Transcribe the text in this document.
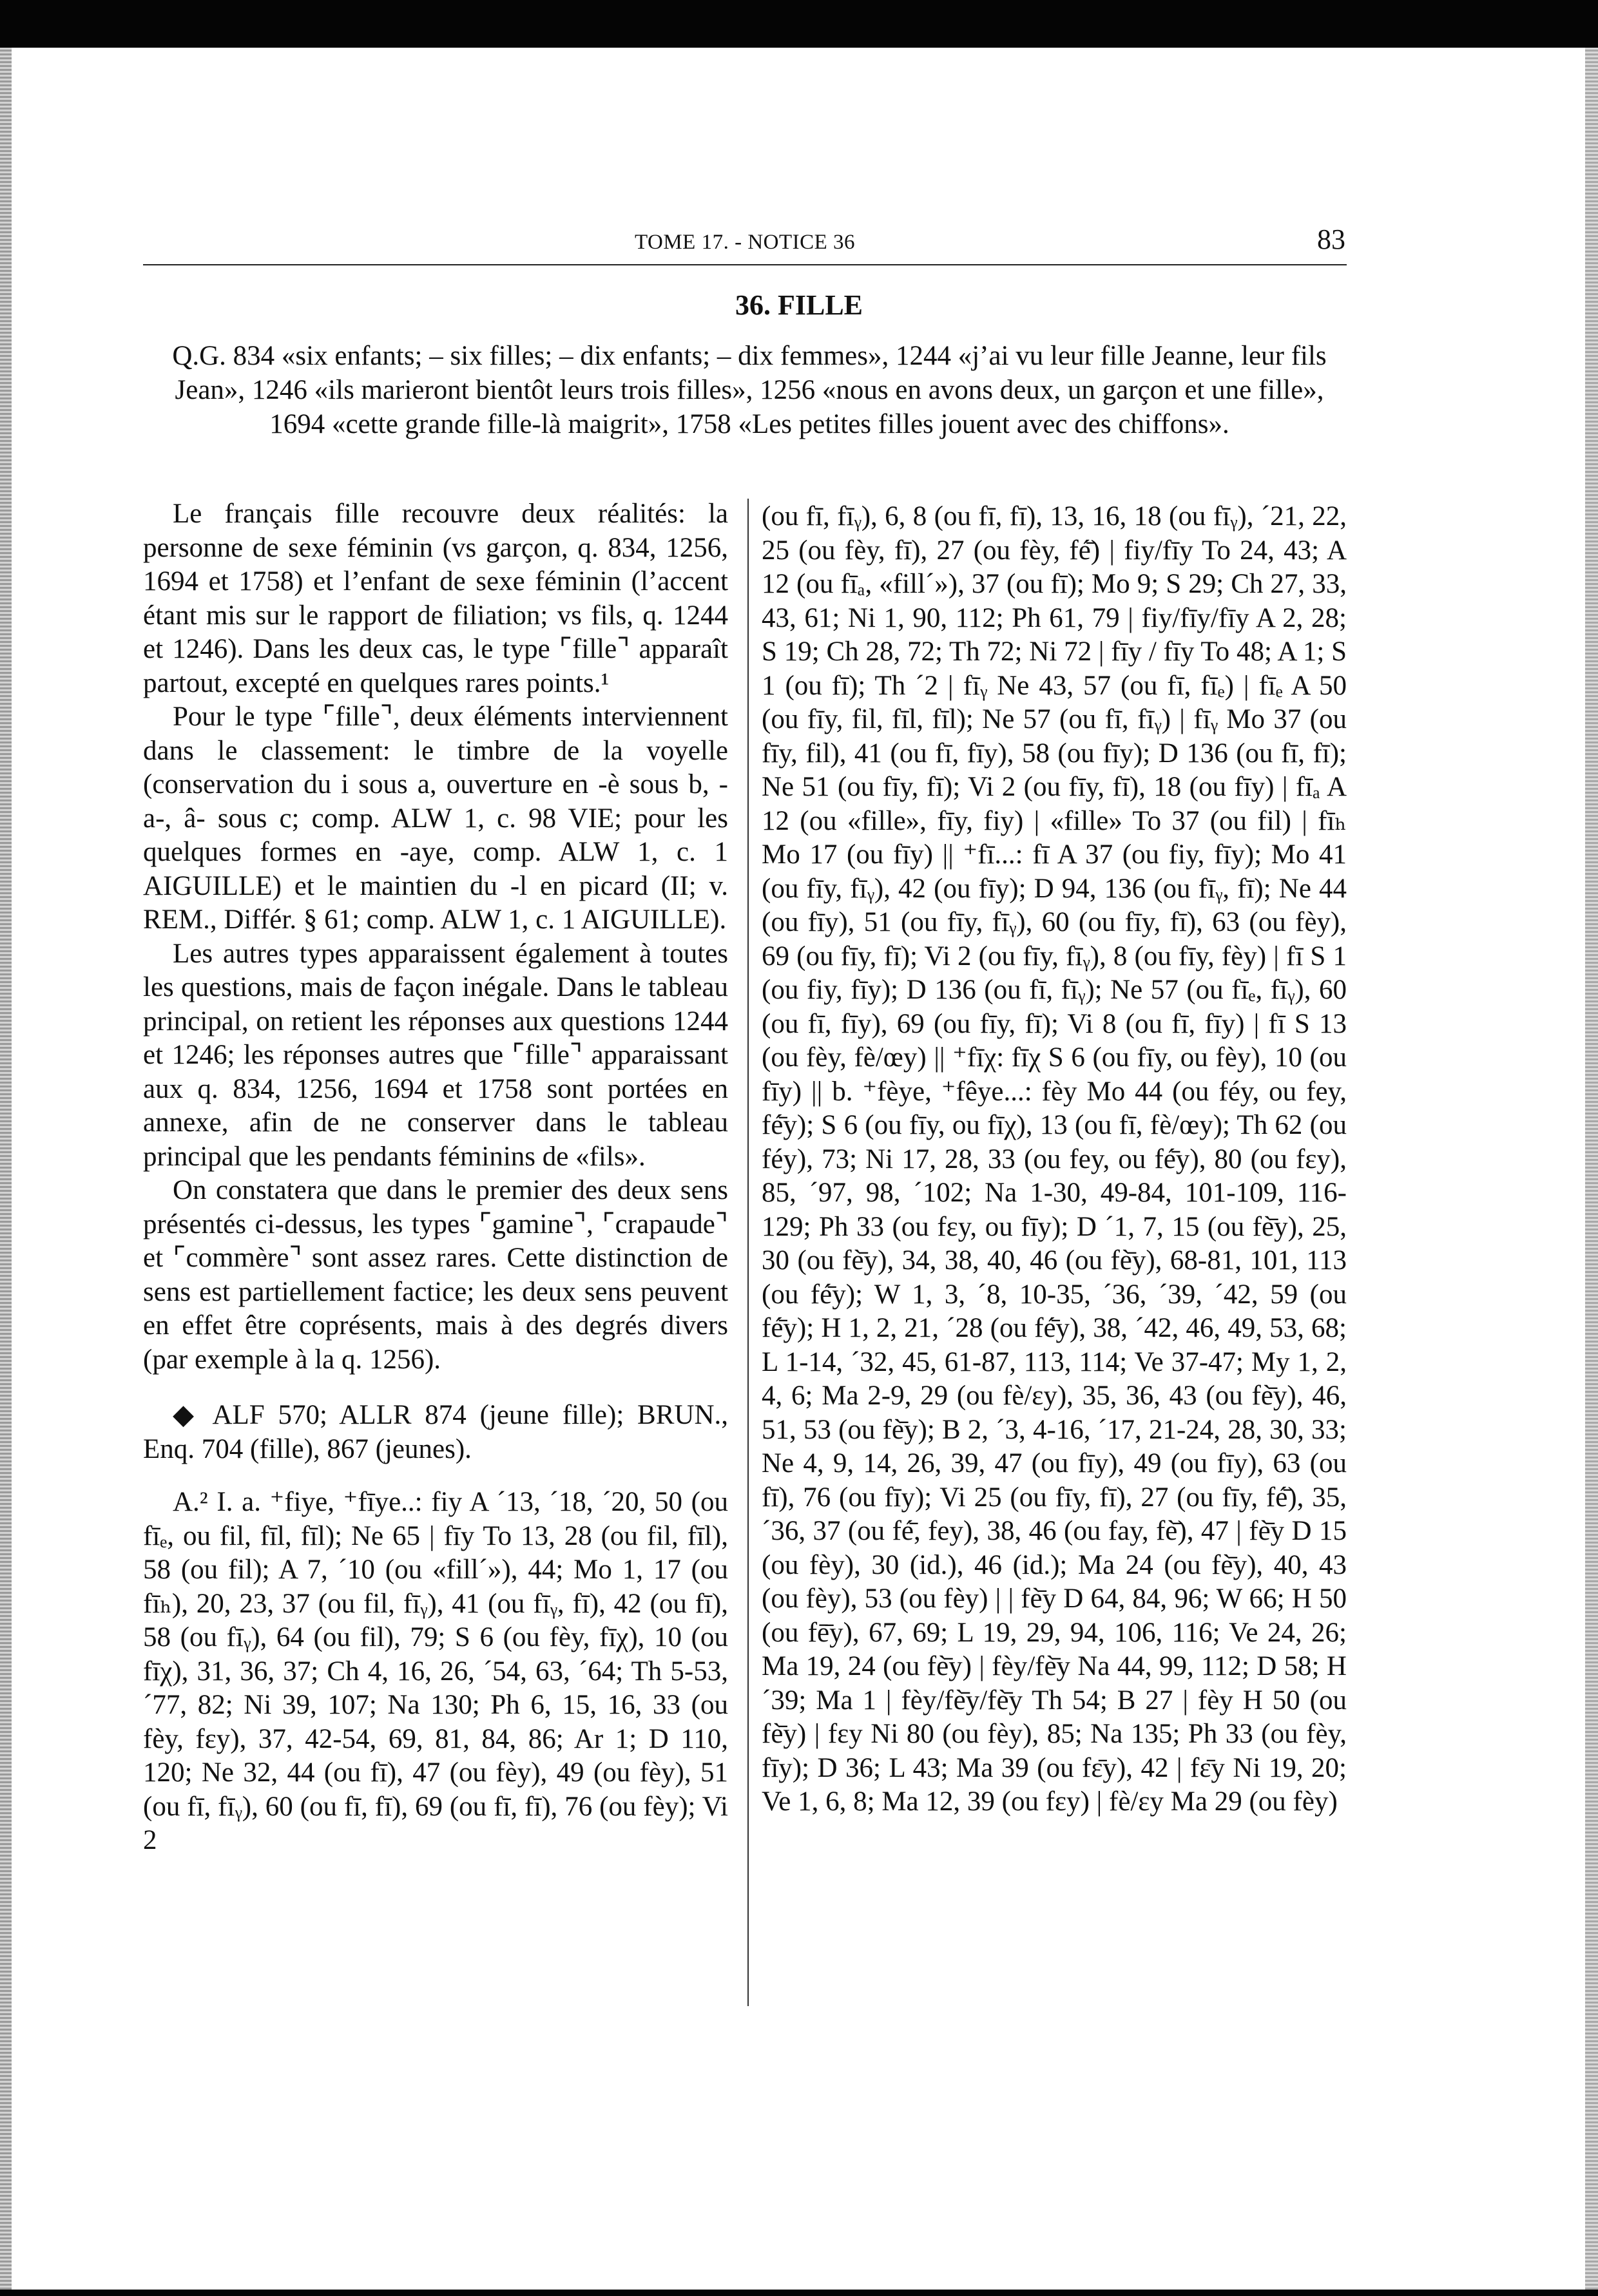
TOME 17. - NOTICE 36	83
36. FILLE
Q.G. 834 «six enfants; – six filles; – dix enfants; – dix femmes», 1244 «j’ai vu leur fille Jeanne, leur fils Jean», 1246 «ils marieront bientôt leurs trois filles», 1256 «nous en avons deux, un garçon et une fille», 1694 «cette grande fille-là maigrit», 1758 «Les petites filles jouent avec des chiffons».

Le français fille recouvre deux réalités: la personne de sexe féminin (vs garçon, q. 834, 1256, 1694 et 1758) et l’enfant de sexe féminin (l’accent étant mis sur le rapport de filiation; vs fils, q. 1244 et 1246). Dans les deux cas, le type ⌜fille⌝ apparaît partout, excepté en quelques rares points.¹

Pour le type ⌜fille⌝, deux éléments interviennent dans le classement: le timbre de la voyelle (conservation du i sous a, ouverture en -è sous b, -a-, â- sous c; comp. ALW 1, c. 98 VIE; pour les quelques formes en -aye, comp. ALW 1, c. 1 AIGUILLE) et le maintien du -l en picard (II; v. REM., Différ. § 61; comp. ALW 1, c. 1 AIGUILLE).

Les autres types apparaissent également à toutes les questions, mais de façon inégale. Dans le tableau principal, on retient les réponses aux questions 1244 et 1246; les réponses autres que ⌜fille⌝ apparaissant aux q. 834, 1256, 1694 et 1758 sont portées en annexe, afin de ne conserver dans le tableau principal que les pendants féminins de «fils».

On constatera que dans le premier des deux sens présentés ci-dessus, les types ⌜gamine⌝, ⌜crapaude⌝ et ⌜commère⌝ sont assez rares. Cette distinction de sens est partiellement factice; les deux sens peuvent en effet être coprésents, mais à des degrés divers (par exemple à la q. 1256).

◆ ALF 570; ALLR 874 (jeune fille); BRUN., Enq. 704 (fille), 867 (jeunes).

A.² I. a. ⁺fiye, ⁺fīye..: fiy A ´13, ´18, ´20, 50 (ou fīₑ, ou fil, fīl, fīl); Ne 65 | fīy To 13, 28 (ou fil, fīl), 58 (ou fil); A 7, ´10 (ou «fill´»), 44; Mo 1, 17 (ou fīₕ), 20, 23, 37 (ou fil, fīᵧ), 41 (ou fīᵧ, fī), 42 (ou fī), 58 (ou fīᵧ), 64 (ou fil), 79; S 6 (ou fèy, fīχ), 10 (ou fīχ), 31, 36, 37; Ch 4, 16, 26, ´54, 63, ´64; Th 5-53, ´77, 82; Ni 39, 107; Na 130; Ph 6, 15, 16, 33 (ou fèy, fɛy), 37, 42-54, 69, 81, 84, 86; Ar 1; D 110, 120; Ne 32, 44 (ou fī), 47 (ou fèy), 49 (ou fèy), 51 (ou fī, fīᵧ), 60 (ou fī, fī), 69 (ou fī, fī), 76 (ou fèy); Vi 2

(ou fī, fīᵧ), 6, 8 (ou fī, fī), 13, 16, 18 (ou fīᵧ), ´21, 22, 25 (ou fèy, fī), 27 (ou fèy, fé̄) | fiy/fīy To 24, 43; A 12 (ou fīₐ, «fill´»), 37 (ou fī); Mo 9; S 29; Ch 27, 33, 43, 61; Ni 1, 90, 112; Ph 61, 79 | fiy/fīy/fīy A 2, 28; S 19; Ch 28, 72; Th 72; Ni 72 | fīy / fīy To 48; A 1; S 1 (ou fī); Th ´2 | fīᵧ Ne 43, 57 (ou fī, fīₑ) | fīₑ A 50 (ou fīy, fil, fīl, fīl); Ne 57 (ou fī, fīᵧ) | fīᵧ Mo 37 (ou fīy, fil), 41 (ou fī, fīy), 58 (ou fīy); D 136 (ou fī, fī); Ne 51 (ou fīy, fī); Vi 2 (ou fīy, fī), 18 (ou fīy) | fīₐ A 12 (ou «fille», fīy, fiy) | «fille» To 37 (ou fil) | fīₕ Mo 17 (ou fīy) || ⁺fī...: fī A 37 (ou fiy, fīy); Mo 41 (ou fīy, fīᵧ), 42 (ou fīy); D 94, 136 (ou fīᵧ, fī); Ne 44 (ou fīy), 51 (ou fīy, fīᵧ), 60 (ou fīy, fī), 63 (ou fèy), 69 (ou fīy, fī); Vi 2 (ou fīy, fīᵧ), 8 (ou fīy, fèy) | fī S 1 (ou fiy, fīy); D 136 (ou fī, fīᵧ); Ne 57 (ou fīₑ, fīᵧ), 60 (ou fī, fīy), 69 (ou fīy, fī); Vi 8 (ou fī, fīy) | fī S 13 (ou fèy, fè/œy) || ⁺fīχ: fīχ S 6 (ou fīy, ou fèy), 10 (ou fīy) || b. ⁺fèye, ⁺fêye...: fèy Mo 44 (ou féy, ou fey, fé̄y); S 6 (ou fīy, ou fīχ), 13 (ou fī, fè/œy); Th 62 (ou féy), 73; Ni 17, 28, 33 (ou fey, ou fé̄y), 80 (ou fɛy), 85, ´97, 98, ´102; Na 1-30, 49-84, 101-109, 116-129; Ph 33 (ou fɛy, ou fīy); D ´1, 7, 15 (ou fè̄y), 25, 30 (ou fè̄y), 34, 38, 40, 46 (ou fè̄y), 68-81, 101, 113 (ou fé̄y); W 1, 3, ´8, 10-35, ´36, ´39, ´42, 59 (ou fé̄y); H 1, 2, 21, ´28 (ou fé̄y), 38, ´42, 46, 49, 53, 68; L 1-14, ´32, 45, 61-87, 113, 114; Ve 37-47; My 1, 2, 4, 6; Ma 2-9, 29 (ou fè/ɛy), 35, 36, 43 (ou fè̄y), 46, 51, 53 (ou fè̄y); B 2, ´3, 4-16, ´17, 21-24, 28, 30, 33; Ne 4, 9, 14, 26, 39, 47 (ou fīy), 49 (ou fīy), 63 (ou fī), 76 (ou fīy); Vi 25 (ou fīy, fī), 27 (ou fīy, fé̄), 35, ´36, 37 (ou fé̄, fey), 38, 46 (ou fay, fè̄), 47 | fè̄y D 15 (ou fèy), 30 (id.), 46 (id.); Ma 24 (ou fè̄y), 40, 43 (ou fèy), 53 (ou fèy) | | fè̄y D 64, 84, 96; W 66; H 50 (ou fē̄y), 67, 69; L 19, 29, 94, 106, 116; Ve 24, 26; Ma 19, 24 (ou fè̄y) | fèy/fè̄y Na 44, 99, 112; D 58; H ´39; Ma 1 | fèy/fè̄y/fè̄y Th 54; B 27 | fèy H 50 (ou fè̄y) | fɛy Ni 80 (ou fèy), 85; Na 135; Ph 33 (ou fèy, fīy); D 36; L 43; Ma 39 (ou fɛ̄y), 42 | fɛ̄y Ni 19, 20; Ve 1, 6, 8; Ma 12, 39 (ou fɛy) | fè/ɛy Ma 29 (ou fèy)
